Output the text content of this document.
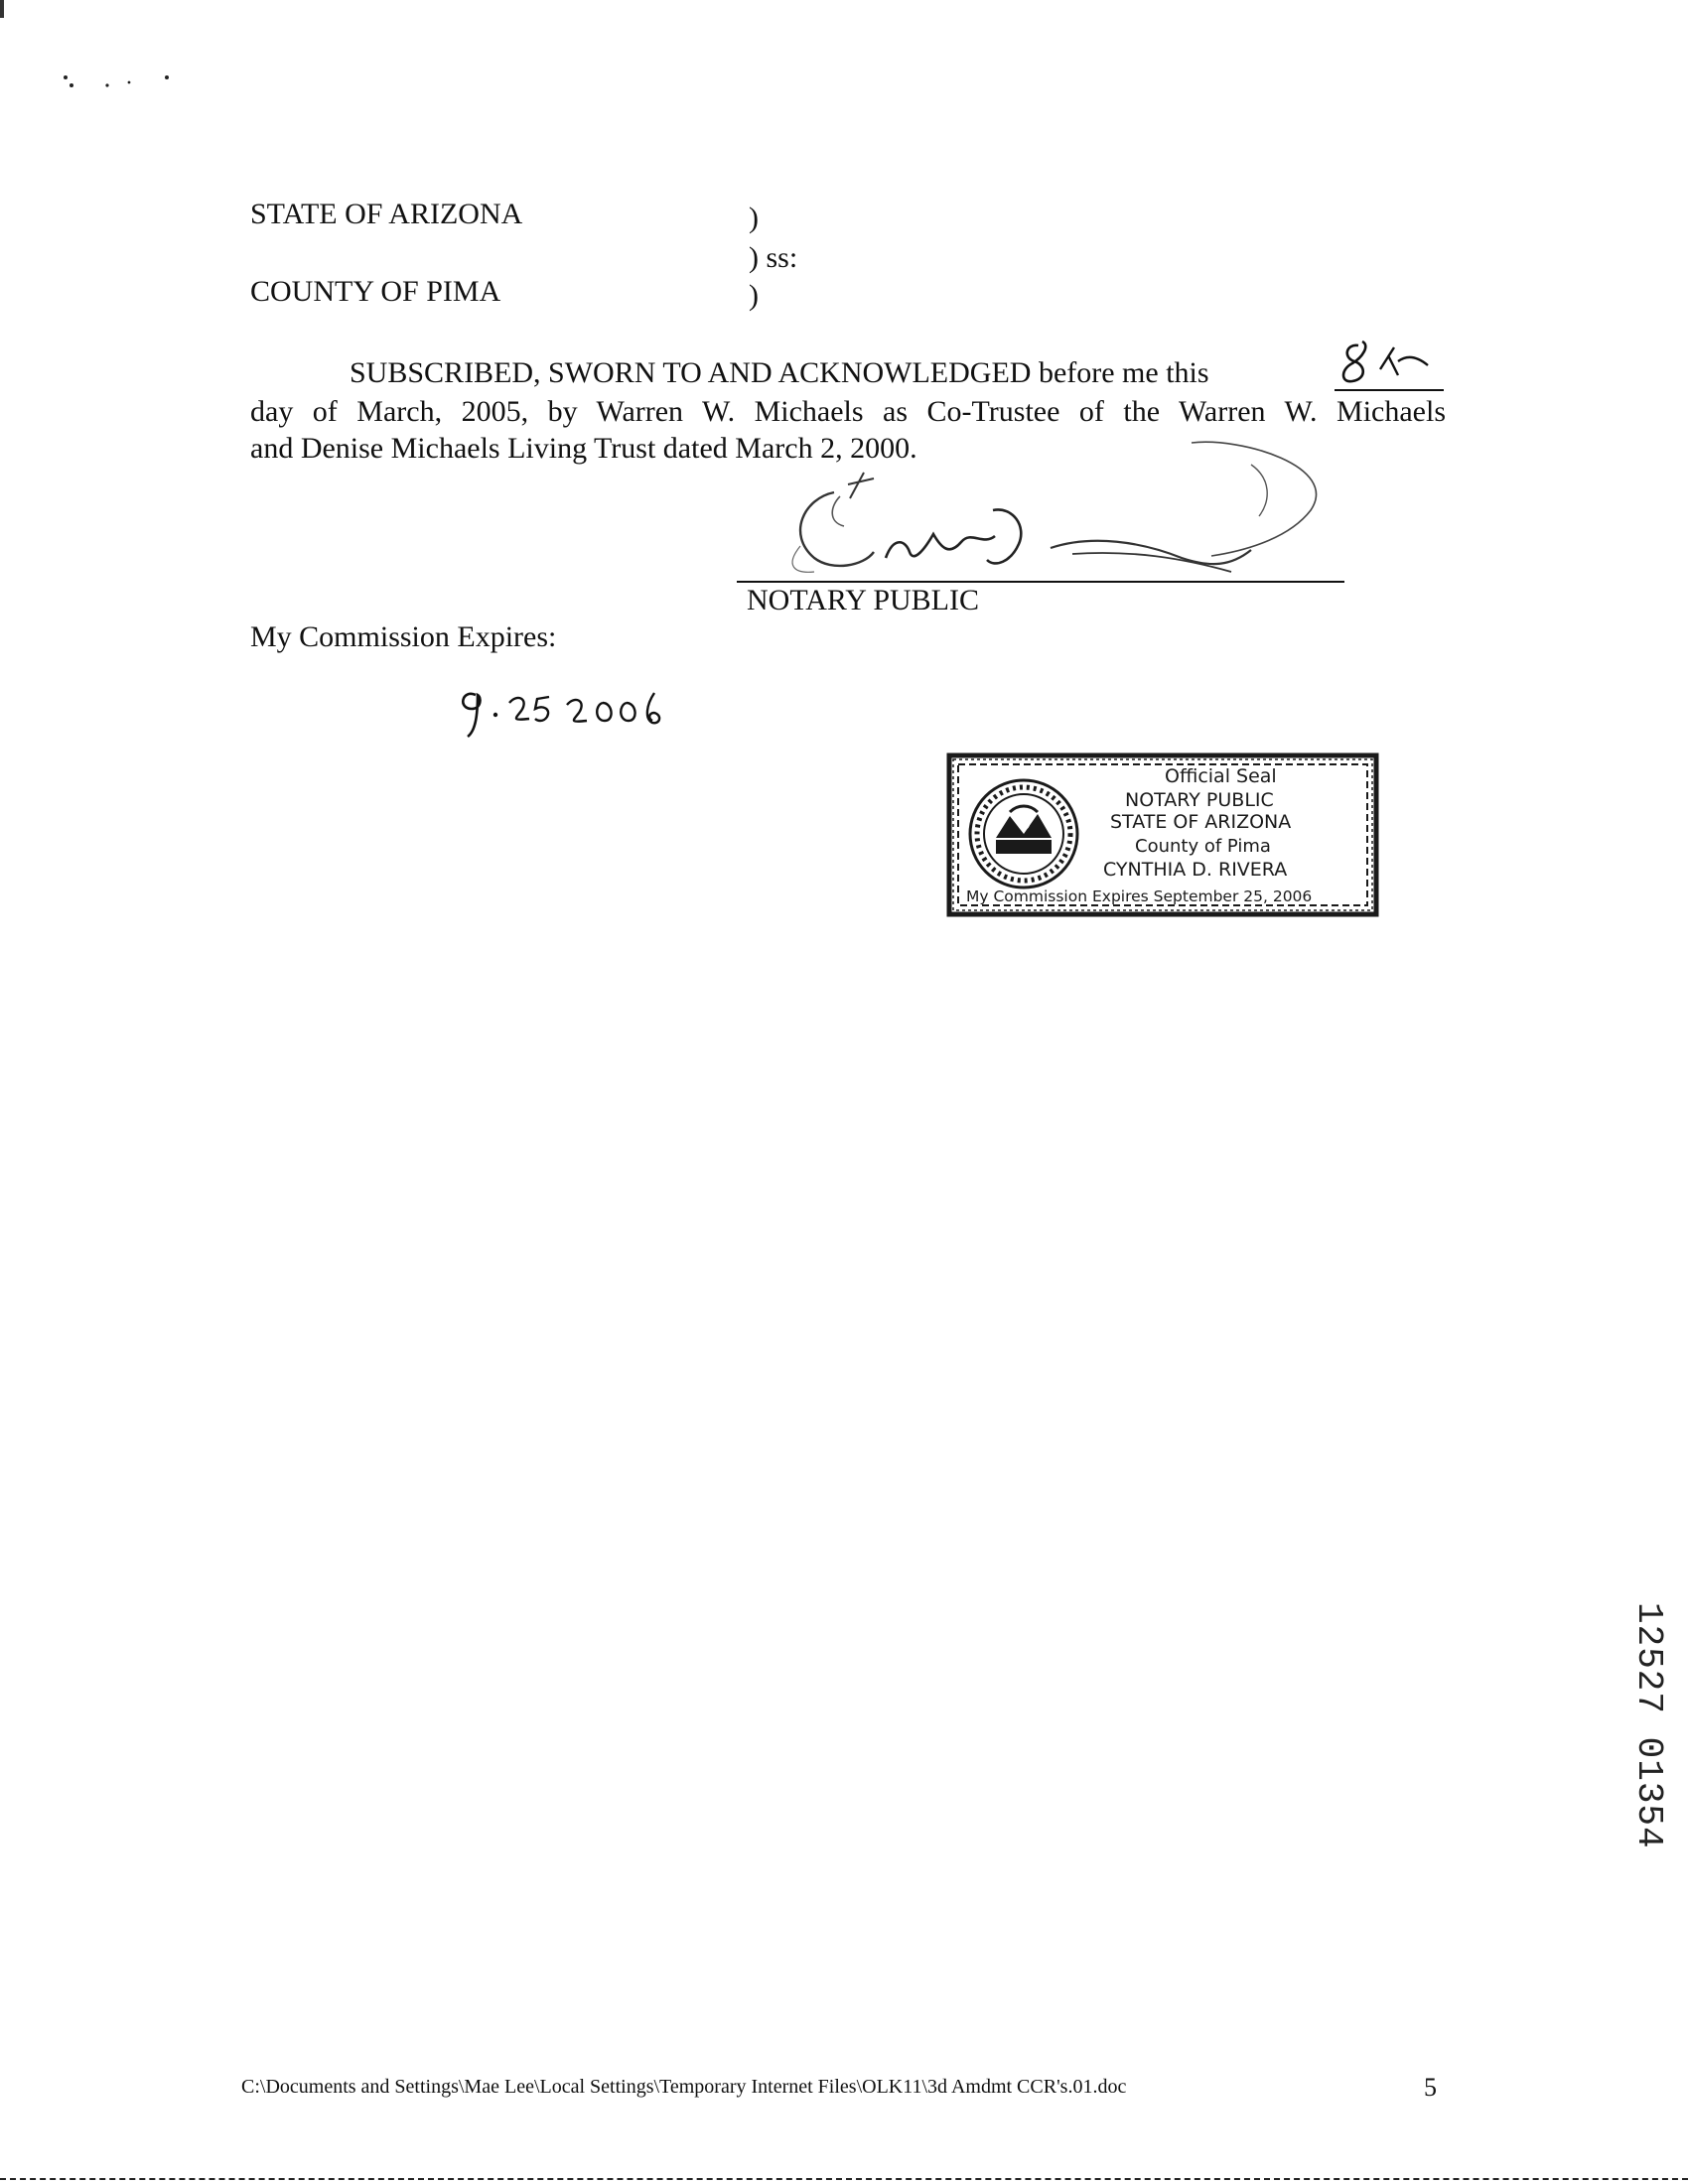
STATE OF ARIZONA
COUNTY OF PIMA
)
) ss:
)
SUBSCRIBED, SWORN TO AND ACKNOWLEDGED before me this
day of March, 2005, by Warren W. Michaels as Co-Trustee of the Warren W. Michaels
and Denise Michaels Living Trust dated March 2, 2000.
NOTARY PUBLIC
My Commission Expires:
Official Seal
NOTARY PUBLIC
STATE OF ARIZONA
County of Pima
CYNTHIA D. RIVERA
My Commission Expires September 25, 2006
12527 01354
C:\Documents and Settings\Mae Lee\Local Settings\Temporary Internet Files\OLK11\3d Amdmt CCR's.01.doc	5
